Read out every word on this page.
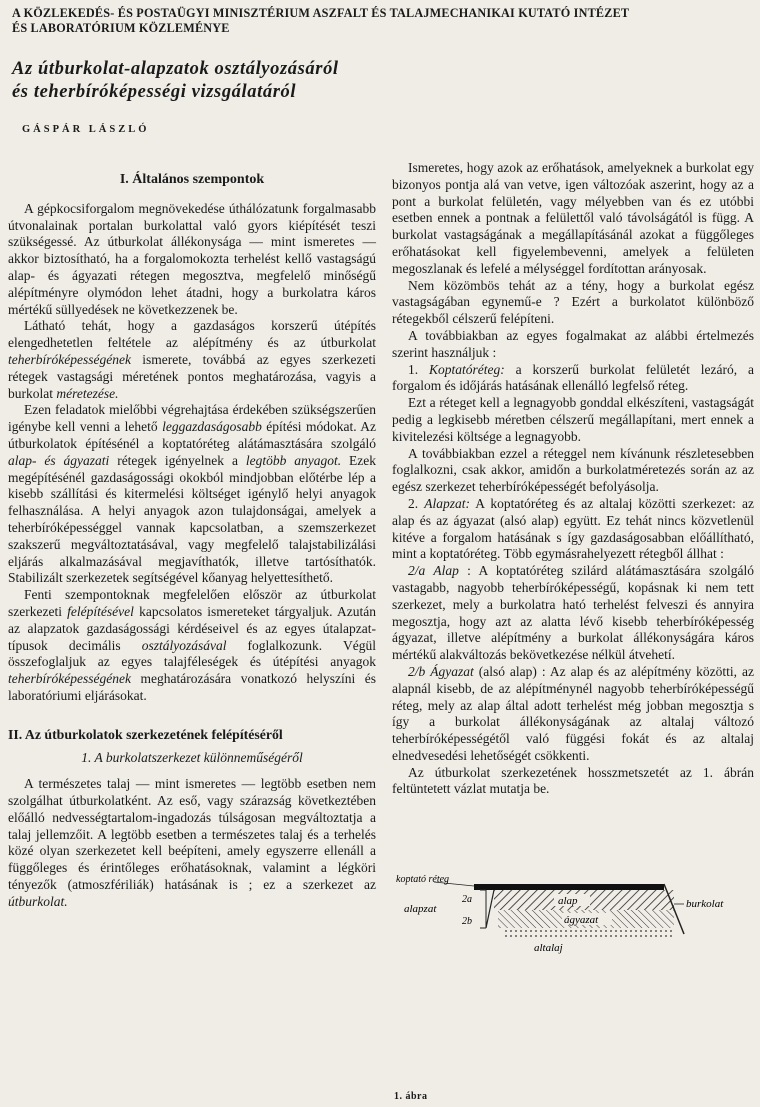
A KÖZLEKEDÉS- ÉS POSTAÜGYI MINISZTÉRIUM ASZFALT ÉS TALAJMECHANIKAI KUTATÓ INTÉZET
ÉS LABORATÓRIUM KÖZLEMÉNYE
Az útburkolat-alapzatok osztályozásáról
és teherbíróképességi vizsgálatáról
GÁSPÁR LÁSZLÓ
I. Általános szempontok

A gépkocsiforgalom megnövekedése úthálózatunk forgalmasabb útvonalainak portalan burkolattal való gyors kiépítését teszi szükségessé. Az útburkolat állékonysága — mint ismeretes — akkor biztosítható, ha a forgalomokozta terhelést kellő vastagságú alap- és ágyazati rétegen megosztva, megfelelő minőségű alépítményre olymódon lehet átadni, hogy a burkolatra káros mértékű süllyedések ne következzenek be.

Látható tehát, hogy a gazdaságos korszerű útépítés elengedhetetlen feltétele az alépítmény és az útburkolat teherbíróképességének ismerete, továbbá az egyes szerkezeti rétegek vastagsági méretének pontos meghatározása, vagyis a burkolat méretezése.

Ezen feladatok mielőbbi végrehajtása érdekében szükségszerűen igénybe kell venni a lehető leggazdaságosabb építési módokat. Az útburkolatok építésénél a koptatóréteg alátámasztására szolgáló alap- és ágyazati rétegek igényelnek a legtöbb anyagot. Ezek megépítésénél gazdaságossági okokból mindjobban előtérbe lép a kisebb szállítási és kitermelési költséget igénylő helyi anyagok felhasználása. A helyi anyagok azon tulajdonságai, amelyek a teherbíróképességgel vannak kapcsolatban, a szemszerkezet szakszerű megváltoztatásával, vagy megfelelő talajstabilizálási eljárás alkalmazásával megjavíthatók, illetve tartósíthatók. Stabilizált szerkezetek segítségével kőanyag helyettesíthető.

Fenti szempontoknak megfelelően először az útburkolat szerkezeti felépítésével kapcsolatos ismereteket tárgyaljuk. Azután az alapzatok gazdaságossági kérdéseivel és az egyes útalapzat-típusok decimális osztályozásával foglalkozunk. Végül összefoglaljuk az egyes talajféleségek és útépítési anyagok teherbíróképességének meghatározására vonatkozó helyszíni és laboratóriumi eljárásokat.

II. Az útburkolatok szerkezetének felépítéséről
1. A burkolatszerkezet különneműségéről

A természetes talaj — mint ismeretes — legtöbb esetben nem szolgálhat útburkolatként. Az eső, vagy szárazság következtében előálló nedvességtartalom-ingadozás túlságosan megváltoztatja a talaj jellemzőit. A legtöbb esetben a természetes talaj és a terhelés közé olyan szerkezetet kell beépíteni, amely egyszerre ellenáll a függőleges és érintőleges erőhatásoknak, valamint a légköri tényezők (atmoszfériliák) hatásának is ; ez a szerkezet az útburkolat.

Ismeretes, hogy azok az erőhatások, amelyeknek a burkolat egy bizonyos pontja alá van vetve, igen változóak aszerint, hogy az a pont a burkolat felületén, vagy mélyebben van és ez utóbbi esetben ennek a pontnak a felülettől való távolságától is függ. A burkolat vastagságának a megállapításánál azokat a függőleges erőhatásokat kell figyelembevenni, amelyek a felületen megoszlanak és lefelé a mélységgel fordítottan arányosak.

Nem közömbös tehát az a tény, hogy a burkolat egész vastagságában egynemű-e ? Ezért a burkolatot különböző rétegekből célszerű felépíteni.

A továbbiakban az egyes fogalmakat az alábbi értelmezés szerint használjuk :

1. Koptatóréteg: a korszerű burkolat felületét lezáró, a forgalom és időjárás hatásának ellenálló legfelső réteg.

Ezt a réteget kell a legnagyobb gonddal elkészíteni, vastagságát pedig a legkisebb méretben célszerű megállapítani, mert ennek a kivitelezési költsége a legnagyobb.

A továbbiakban ezzel a réteggel nem kívánunk részletesebben foglalkozni, csak akkor, amidőn a burkolatméretezés során az az egész szerkezet teherbíróképességét befolyásolja.

2. Alapzat: A koptatóréteg és az altalaj közötti szerkezet: az alap és az ágyazat (alsó alap) együtt. Ez tehát nincs közvetlenül kitéve a forgalom hatásának s így gazdaságosabban előállítható, mint a koptatóréteg. Több egymásrahelyezett rétegből állhat :

2/a Alap : A koptatóréteg szilárd alátámasztására szolgáló vastagabb, nagyobb teherbíróképességű, kopásnak ki nem tett szerkezet, mely a burkolatra ható terhelést felveszi és annyira megosztja, hogy azt az alatta lévő kisebb teherbíróképesség ágyazat, illetve alépítmény a burkolat állékonyságára káros mértékű alakváltozás bekövetkezése nélkül átvehetí.

2/b Ágyazat (alsó alap) : Az alap és az alépítmény közötti, az alapnál kisebb, de az alépítménynél nagyobb teherbíróképességű réteg, mely az alap által adott terhelést még jobban megosztja s így a burkolat állékonyságának az altalaj változó teherbíróképességétől való függési fokát és az altalaj elnedvesedési lehetőségét csökkenti.

Az útburkolat szerkezetének hosszmetszetét az 1. ábrán feltüntetett vázlat mutatja be.

koptató réteg
alapzat
2a
2b
alap
ágyazat
altalaj
burkolat
1. ábra
